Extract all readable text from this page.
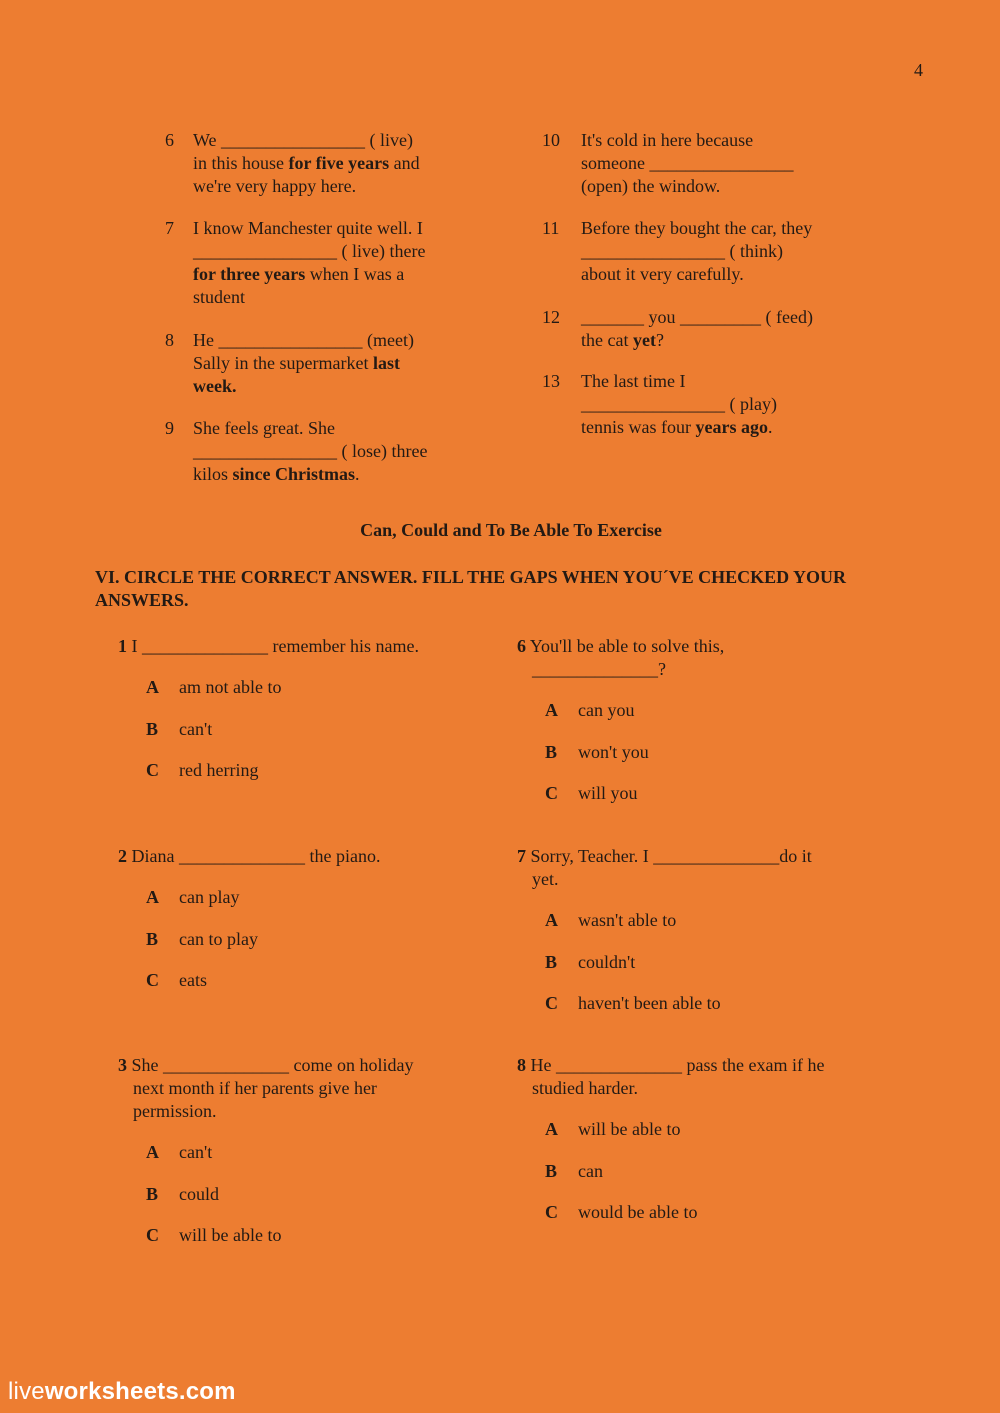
4
6 We ________________ ( live)
in this house for five years and
we're very happy here.
7 I know Manchester quite well. I
________________ ( live) there
for three years when I was a
student
8 He ________________ (meet)
Sally in the supermarket last
week.
9 She feels great. She
________________ ( lose) three
kilos since Christmas.
10 It's cold in here because
someone ________________
(open) the window.
11 Before they bought the car, they
________________ ( think)
about it very carefully.
12 _______ you _________ ( feed)
the cat yet?
13 The last time I
________________ ( play)
tennis was four years ago.
Can, Could and To Be Able To Exercise
VI. CIRCLE THE CORRECT ANSWER. FILL THE GAPS WHEN YOU´VE CHECKED YOUR ANSWERS.
1 I ______________ remember his name.
A am not able to
B can't
C red herring
6 You'll be able to solve this,
______________?
A can you
B won't you
C will you
2 Diana ______________ the piano.
A can play
B can to play
C eats
7 Sorry, Teacher. I ______________do it
yet.
A wasn't able to
B couldn't
C haven't been able to
3 She ______________ come on holiday
next month if her parents give her
permission.
A can't
B could
C will be able to
8 He ______________ pass the exam if he
studied harder.
A will be able to
B can
C would be able to
liveworksheets.com
